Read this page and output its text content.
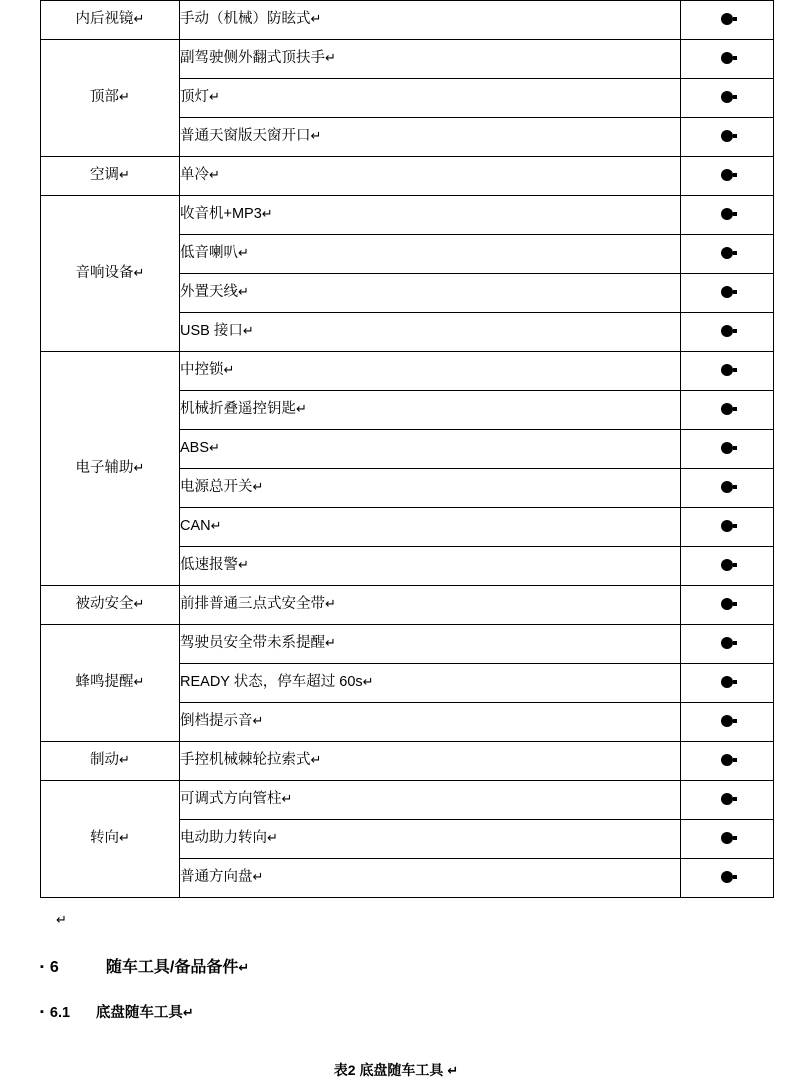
内后视镜↵	手动（机械）防眩式↵	
顶部↵	副驾驶侧外翻式顶扶手↵	
	顶灯↵	
	普通天窗版天窗开口↵	
空调↵	单冷↵	
音响设备↵	收音机+MP3↵	
	低音喇叭↵	
	外置天线↵	
	USB 接口↵	
电子辅助↵	中控锁↵	
	机械折叠遥控钥匙↵	
	ABS↵	
	电源总开关↵	
	CAN↵	
	低速报警↵	
被动安全↵	前排普通三点式安全带↵	
蜂鸣提醒↵	驾驶员安全带未系提醒↵	
	READY 状态，停车超过 60s↵	
	倒档提示音↵	
制动↵	手控机械棘轮拉索式↵	
转向↵	可调式方向管柱↵	
	电动助力转向↵	
	普通方向盘↵	
↵
▪ 6	随车工具/备品备件 ↵
▪ 6.1	底盘随车工具 ↵
表2 底盘随车工具 ↵
